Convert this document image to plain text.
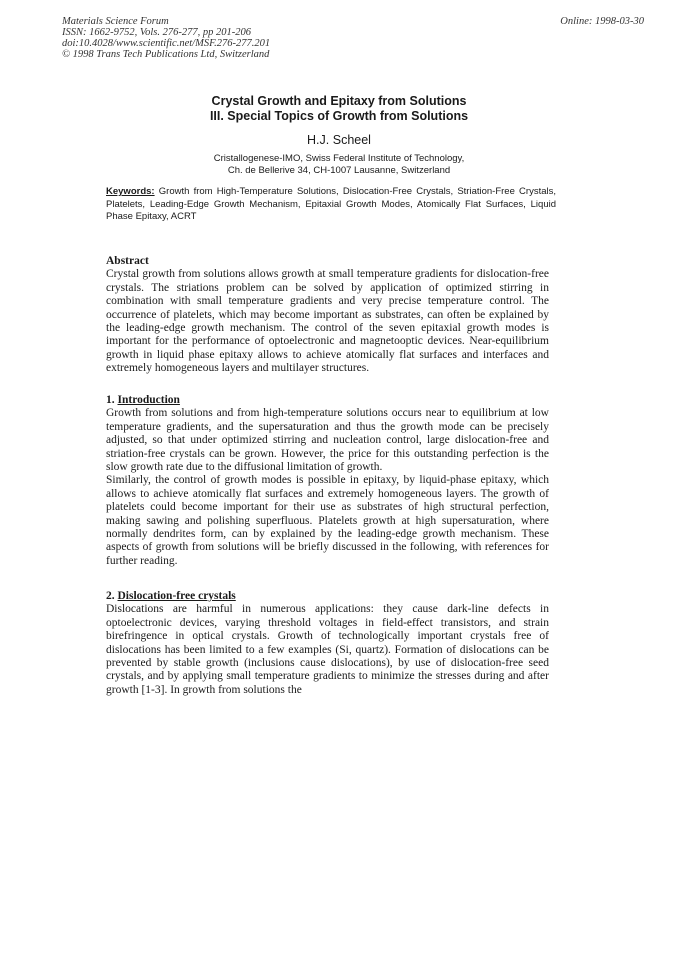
Materials Science Forum
ISSN: 1662-9752, Vols. 276-277, pp 201-206
doi:10.4028/www.scientific.net/MSF.276-277.201
© 1998 Trans Tech Publications Ltd, Switzerland
Online: 1998-03-30
Crystal Growth and Epitaxy from Solutions
III. Special Topics of Growth from Solutions
H.J. Scheel
Cristallogenese-IMO, Swiss Federal Institute of Technology,
Ch. de Bellerive 34, CH-1007 Lausanne, Switzerland
Keywords: Growth from High-Temperature Solutions, Dislocation-Free Crystals, Striation-Free Crystals, Platelets, Leading-Edge Growth Mechanism, Epitaxial Growth Modes, Atomically Flat Surfaces, Liquid Phase Epitaxy, ACRT

Abstract

Crystal growth from solutions allows growth at small temperature gradients for dislocation-free crystals. The striations problem can be solved by application of optimized stirring in combination with small temperature gradients and very precise temperature control. The occurrence of platelets, which may become important as substrates, can often be explained by the leading-edge growth mechanism. The control of the seven epitaxial growth modes is important for the performance of optoelectronic and magnetooptic devices. Near-equilibrium growth in liquid phase epitaxy allows to achieve atomically flat surfaces and interfaces and extremely homogeneous layers and multilayer structures.

1. Introduction

Growth from solutions and from high-temperature solutions occurs near to equilibrium at low temperature gradients, and the supersaturation and thus the growth mode can be precisely adjusted, so that under optimized stirring and nucleation control, large dislocation-free and striation-free crystals can be grown. However, the price for this outstanding perfection is the slow growth rate due to the diffusional limitation of growth.

Similarly, the control of growth modes is possible in epitaxy, by liquid-phase epitaxy, which allows to achieve atomically flat surfaces and extremely homogeneous layers. The growth of platelets could become important for their use as substrates of high structural perfection, making sawing and polishing superfluous. Platelets growth at high supersaturation, where normally dendrites form, can by explained by the leading-edge growth mechanism. These aspects of growth from solutions will be briefly discussed in the following, with references for further reading.

2. Dislocation-free crystals

Dislocations are harmful in numerous applications: they cause dark-line defects in optoelectronic devices, varying threshold voltages in field-effect transistors, and strain birefringence in optical crystals. Growth of technologically important crystals free of dislocations has been limited to a few examples (Si, quartz). Formation of dislocations can be prevented by stable growth (inclusions cause dislocations), by use of dislocation-free seed crystals, and by applying small temperature gradients to minimize the stresses during and after growth [1-3]. In growth from solutions the
